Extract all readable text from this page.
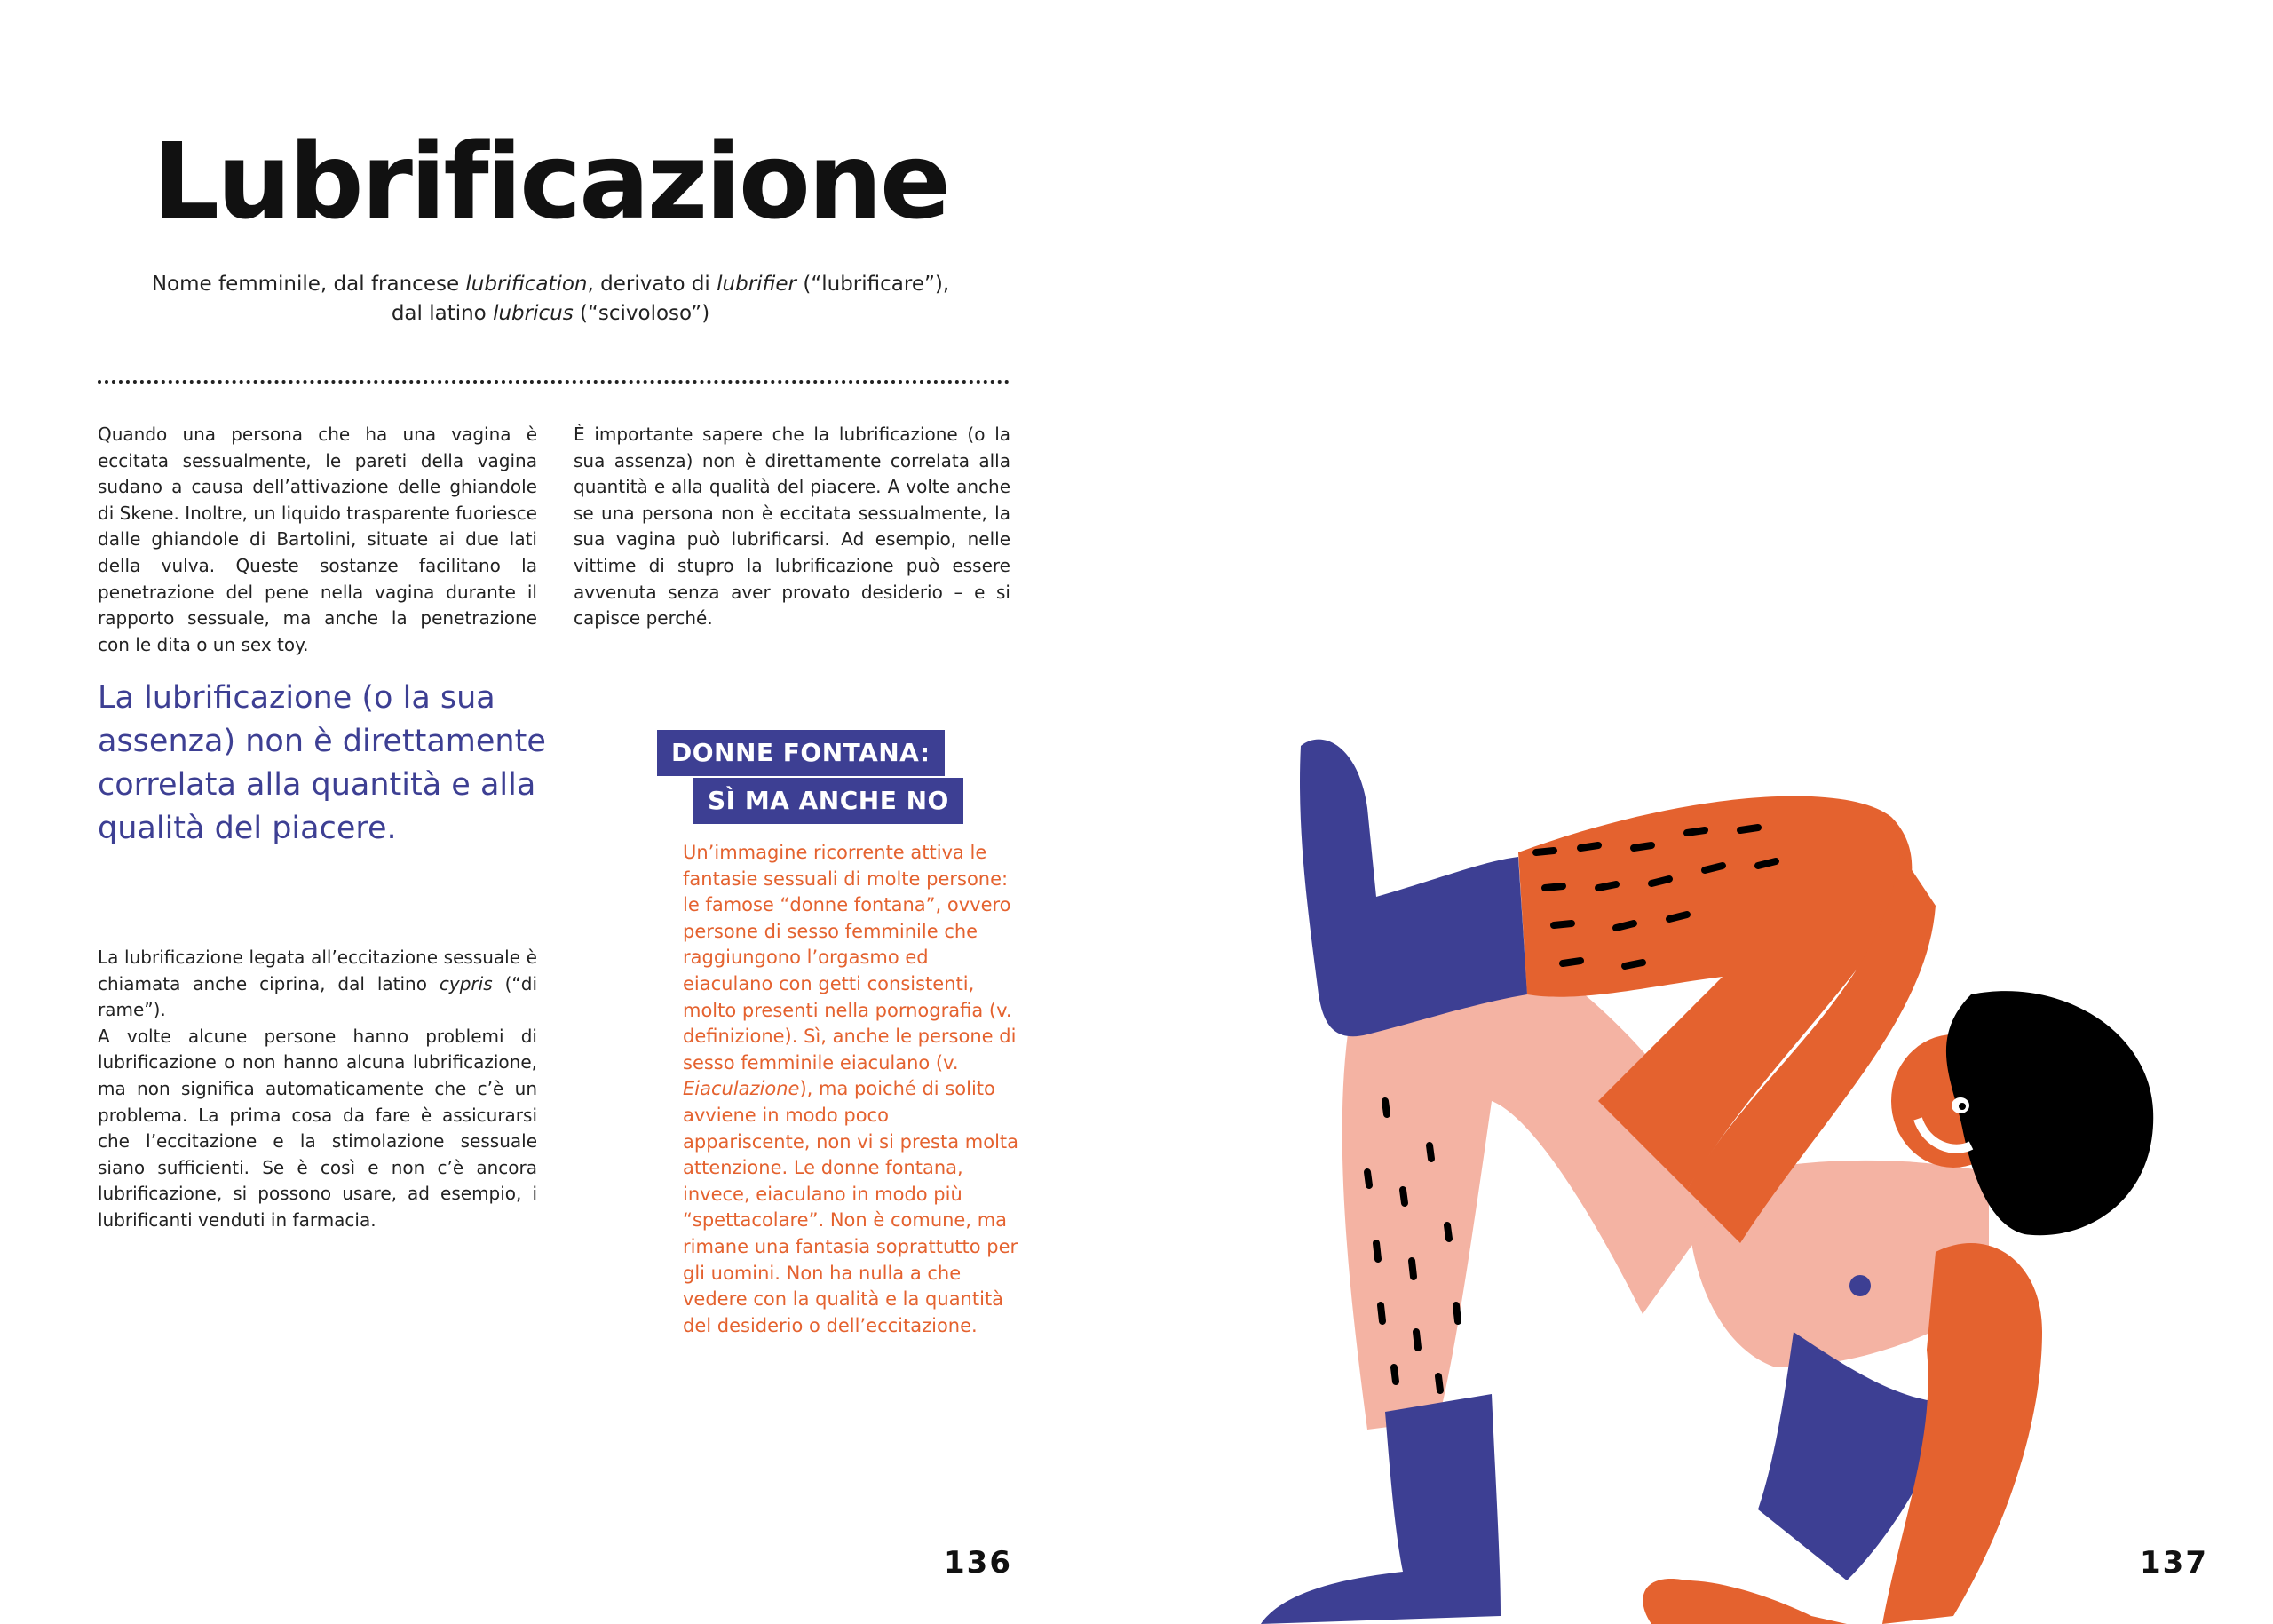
Lubrificazione
Nome femminile, dal francese lubrification, derivato di lubrifier (“lubrificare”),
dal latino lubricus (“scivoloso”)

Quando una persona che ha una vagina è eccitata sessualmente, le pareti della vagina sudano a causa dell’attivazione delle ghiandole di Skene. Inoltre, un liquido trasparente fuoriesce dalle ghiandole di Bartolini, situate ai due lati della vulva. Queste sostanze facilitano la penetrazione del pene nella vagina durante il rapporto sessuale, ma anche la penetrazione con le dita o un sex toy.

È importante sapere che la lubrificazione (o la sua assenza) non è direttamente correlata alla quantità e alla qualità del piacere. A volte anche se una persona non è eccitata sessualmente, la sua vagina può lubrificarsi. Ad esempio, nelle vittime di stupro la lubrificazione può essere avvenuta senza aver provato desiderio – e si capisce perché.

La lubrificazione (o la sua assenza) non è direttamente correlata alla quantità e alla qualità del piacere.
La lubrificazione legata all’eccitazione sessuale è chiamata anche ciprina, dal latino cypris (“di rame”).
A volte alcune persone hanno problemi di lubrificazione o non hanno alcuna lubrificazione, ma non significa automaticamente che c’è un problema. La prima cosa da fare è assicurarsi che l’eccitazione e la stimolazione sessuale siano sufficienti. Se è così e non c’è ancora lubrificazione, si possono usare, ad esempio, i lubrificanti venduti in farmacia.
DONNE FONTANA:
SÌ MA ANCHE NO
Un’immagine ricorrente attiva le fantasie sessuali di molte persone: le famose “donne fontana”, ovvero persone di sesso femminile che raggiungono l’orgasmo ed eiaculano con getti consistenti, molto presenti nella pornografia (v. definizione). Sì, anche le persone di sesso femminile eiaculano (v. Eiaculazione), ma poiché di solito avviene in modo poco appariscente, non vi si presta molta attenzione. Le donne fontana, invece, eiaculano in modo più “spettacolare”. Non è comune, ma rimane una fantasia soprattutto per gli uomini. Non ha nulla a che vedere con la qualità e la quantità del desiderio o dell’eccitazione.
136	137
